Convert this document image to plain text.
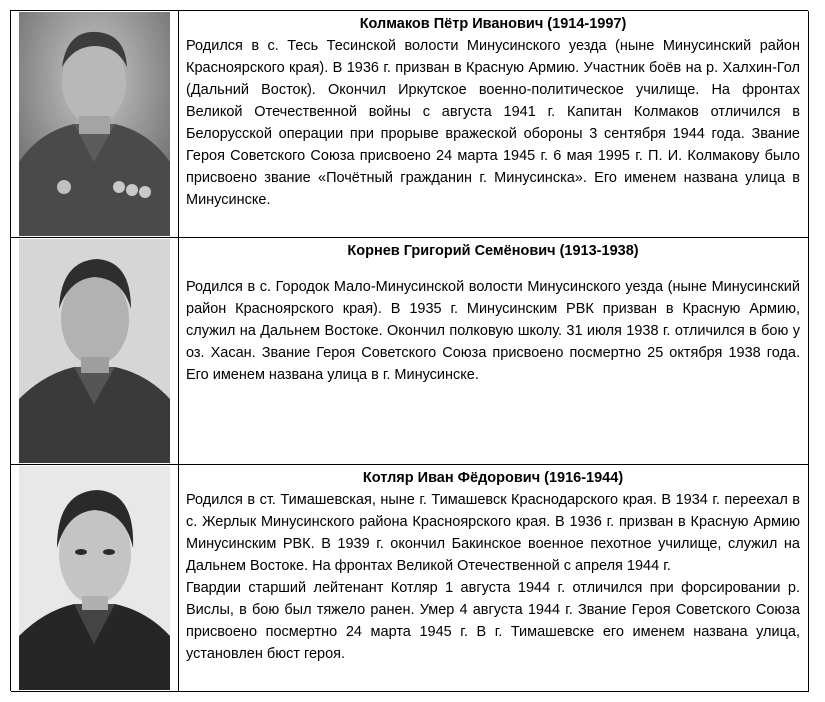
Колмаков Пётр Иванович (1914-1997)

Родился в с. Тесь Тесинской волости Минусинского уезда (ныне Минусинский район Красноярского края). В 1936 г. призван в Красную Армию. Участник боёв на р. Халхин-Гол (Дальний Восток). Окончил Иркутское военно-политическое училище. На фронтах Великой Отечественной войны с августа 1941 г. Капитан Колмаков отличился в Белорусской операции при прорыве вражеской обороны 3 сентября 1944 года. Звание Героя Советского Союза присвоено 24 марта 1945 г. 6 мая 1995 г. П. И. Колмакову было присвоено звание «Почётный гражданин г. Минусинска». Его именем названа улица в Минусинске.

Корнев Григорий Семёнович (1913-1938)

Родился в с. Городок Мало-Минусинской волости Минусинского уезда (ныне Минусинский район Красноярского края). В 1935 г. Минусинским РВК призван в Красную Армию, служил на Дальнем Востоке. Окончил полковую школу. 31 июля 1938 г. отличился в бою у оз. Хасан. Звание Героя Советского Союза присвоено посмертно 25 октября 1938 года. Его именем названа улица в г. Минусинске.

Котляр Иван Фёдорович (1916-1944)

Родился в ст. Тимашевская, ныне г. Тимашевск Краснодарского края. В 1934 г. переехал в с. Жерлык Минусинского района Красноярского края. В 1936 г. призван в Красную Армию Минусинским РВК. В 1939 г. окончил Бакинское военное пехотное училище, служил на Дальнем Востоке. На фронтах Великой Отечественной с апреля 1944 г.

Гвардии старший лейтенант Котляр 1 августа 1944 г. отличился при форсировании р. Вислы, в бою был тяжело ранен. Умер 4 августа 1944 г. Звание Героя Советского Союза присвоено посмертно 24 марта 1945 г. В г. Тимашевске его именем названа улица, установлен бюст героя.
